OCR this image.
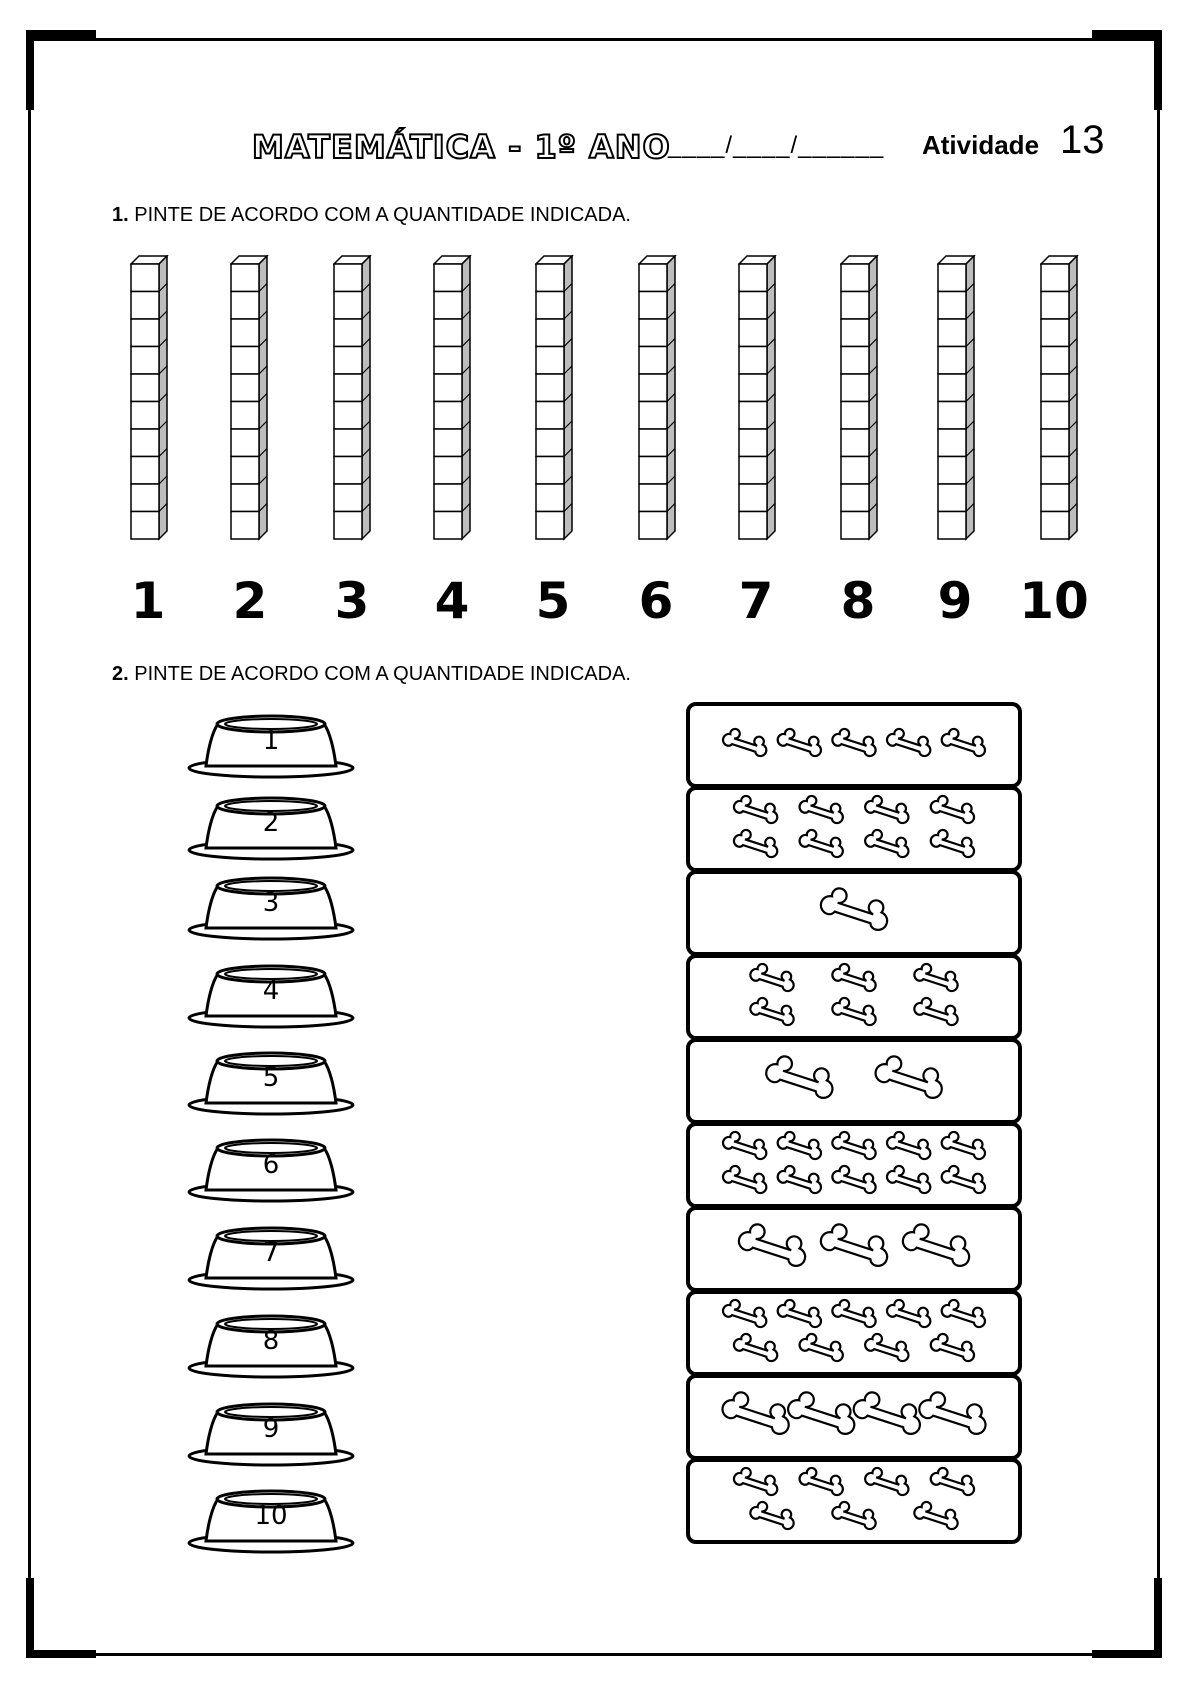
MATEMÁTICA - 1º ANO
____/____/______ Atividade 13
1. PINTE DE ACORDO COM A QUANTIDADE INDICADA.
1	2	3	4	5	6	7	8	9 10
2. PINTE DE ACORDO COM A QUANTIDADE INDICADA.
1
2
3
4
5
6
7
8
9
10
